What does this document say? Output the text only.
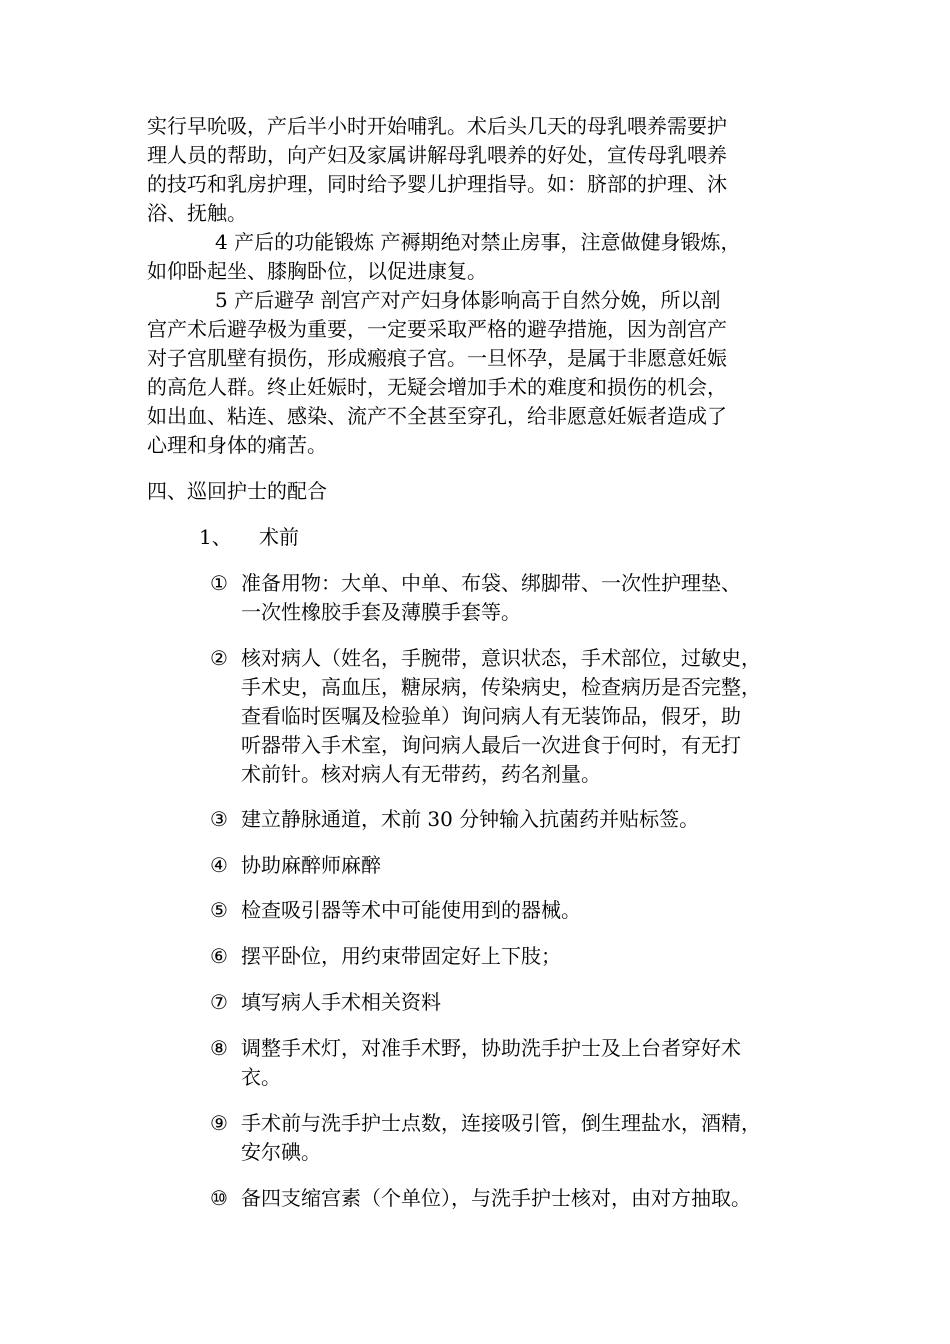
实行早吮吸，产后半小时开始哺乳。术后头几天的母乳喂养需要护
理人员的帮助，向产妇及家属讲解母乳喂养的好处，宣传母乳喂养
的技巧和乳房护理，同时给予婴儿护理指导。如：脐部的护理、沐
浴、抚触。
4 产后的功能锻炼 产褥期绝对禁止房事，注意做健身锻炼，
如仰卧起坐、膝胸卧位，以促进康复。
5 产后避孕 剖宫产对产妇身体影响高于自然分娩，所以剖
宫产术后避孕极为重要，一定要采取严格的避孕措施，因为剖宫产
对子宫肌壁有损伤，形成瘢痕子宫。一旦怀孕，是属于非愿意妊娠
的高危人群。终止妊娠时，无疑会增加手术的难度和损伤的机会，
如出血、粘连、感染、流产不全甚至穿孔，给非愿意妊娠者造成了
心理和身体的痛苦。
四、巡回护士的配合
1、 术前
① 准备用物：大单、中单、布袋、绑脚带、一次性护理垫、
一次性橡胶手套及薄膜手套等。
② 核对病人（姓名，手腕带，意识状态，手术部位，过敏史，
手术史，高血压，糖尿病，传染病史，检查病历是否完整，
查看临时医嘱及检验单）询问病人有无装饰品，假牙，助
听器带入手术室，询问病人最后一次进食于何时，有无打
术前针。核对病人有无带药，药名剂量。
③ 建立静脉通道，术前 30 分钟输入抗菌药并贴标签。
④ 协助麻醉师麻醉
⑤ 检查吸引器等术中可能使用到的器械。
⑥ 摆平卧位，用约束带固定好上下肢；
⑦ 填写病人手术相关资料
⑧ 调整手术灯，对准手术野，协助洗手护士及上台者穿好术
衣。
⑨ 手术前与洗手护士点数，连接吸引管，倒生理盐水，酒精，
安尔碘。
⑩ 备四支缩宫素（个单位），与洗手护士核对，由对方抽取。
